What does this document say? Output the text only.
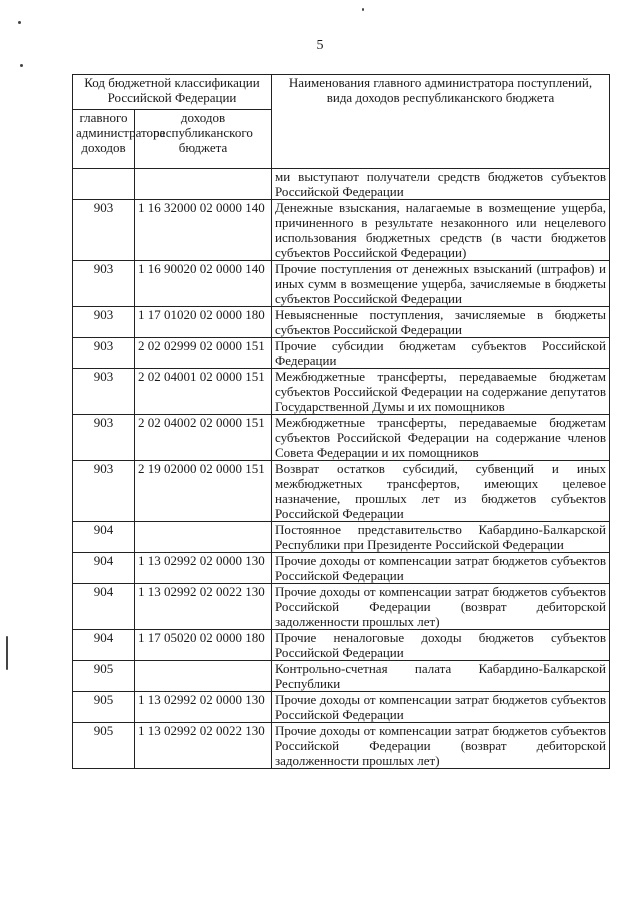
5
Код бюджетной классификации Российской Федерации		Наименования главного администратора поступлений, вида доходов республиканского бюджета
главного администратора доходов	доходов республиканского бюджета	
		ми выступают получатели средств бюджетов субъектов Российской Федерации
903	1 16 32000 02 0000 140	Денежные взыскания, налагаемые в возмещение ущерба, причиненного в результате незаконного или нецелевого использования бюджетных средств (в части бюджетов субъектов Российской Федерации)
903	1 16 90020 02 0000 140	Прочие поступления от денежных взысканий (штрафов) и иных сумм в возмещение ущерба, зачисляемые в бюджеты субъектов Российской Федерации
903	1 17 01020 02 0000 180	Невыясненные поступления, зачисляемые в бюджеты субъектов Российской Федерации
903	2 02 02999 02 0000 151	Прочие субсидии бюджетам субъектов Российской Федерации
903	2 02 04001 02 0000 151	Межбюджетные трансферты, передаваемые бюджетам субъектов Российской Федерации на содержание депутатов Государственной Думы и их помощников
903	2 02 04002 02 0000 151	Межбюджетные трансферты, передаваемые бюджетам субъектов Российской Федерации на содержание членов Совета Федерации и их помощников
903	2 19 02000 02 0000 151	Возврат остатков субсидий, субвенций и иных межбюджетных трансфертов, имеющих целевое назначение, прошлых лет из бюджетов субъектов Российской Федерации
904		Постоянное представительство Кабардино-Балкарской Республики при Президенте Российской Федерации
904	1 13 02992 02 0000 130	Прочие доходы от компенсации затрат бюджетов субъектов Российской Федерации
904	1 13 02992 02 0022 130	Прочие доходы от компенсации затрат бюджетов субъектов Российской Федерации (возврат дебиторской задолженности прошлых лет)
904	1 17 05020 02 0000 180	Прочие неналоговые доходы бюджетов субъектов Российской Федерации
905		Контрольно-счетная палата Кабардино-Балкарской Республики
905	1 13 02992 02 0000 130	Прочие доходы от компенсации затрат бюджетов субъектов Российской Федерации
905	1 13 02992 02 0022 130	Прочие доходы от компенсации затрат бюджетов субъектов Российской Федерации (возврат дебиторской задолженности прошлых лет)
